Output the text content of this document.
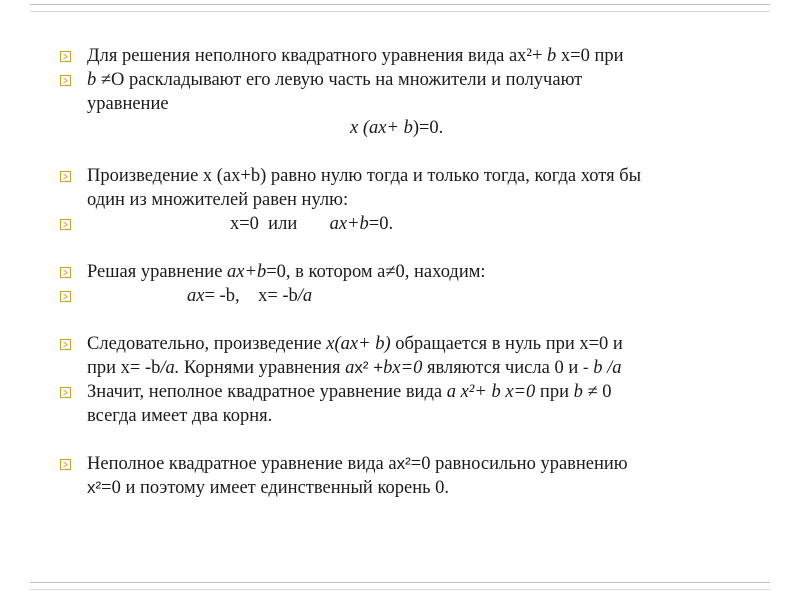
Для решения неполного квадратного уравнения вида ах²+ b х=0 при
b ≠О раскладывают его левую часть на множители и получают
уравнение
х (ах+ b)=0.
Произведение х (ах+b) равно нулю тогда и только тогда, когда хотя бы
один из множителей равен нулю:
х=0  или       ах+b=0.
Решая уравнение ax+b=0, в котором а≠0, находим:
ах= -b,    x= -b/a
Следовательно, произведение x(ax+ b) обращается в нуль при х=0 и
при х= -b/a. Корнями уравнения ах² +bх=0 являются числа 0 и - b /a
Значит, неполное квадратное уравнение вида а х²+ b х=0 при b ≠ 0
всегда имеет два корня.
Неполное квадратное уравнение вида ах²=0 равносильно уравнению
х²=0 и поэтому имеет единственный корень 0.
